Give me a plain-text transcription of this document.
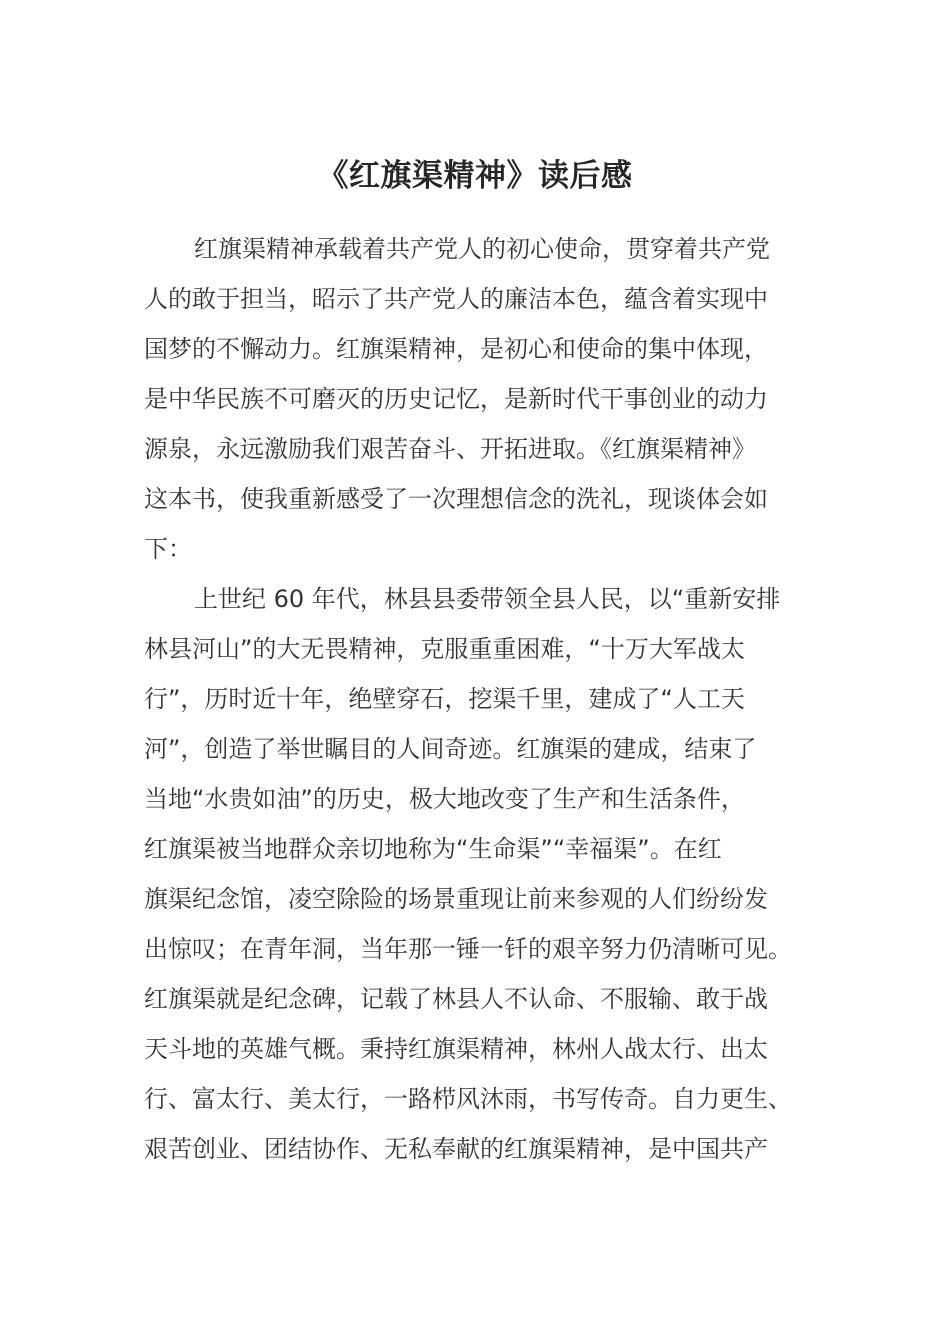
《红旗渠精神》读后感
红旗渠精神承载着共产党人的初心使命，贯穿着共产党
人的敢于担当，昭示了共产党人的廉洁本色，蕴含着实现中
国梦的不懈动力。红旗渠精神，是初心和使命的集中体现，
是中华民族不可磨灭的历史记忆，是新时代干事创业的动力
源泉，永远激励我们艰苦奋斗、开拓进取。《红旗渠精神》
这本书，使我重新感受了一次理想信念的洗礼，现谈体会如
下：
上世纪 60 年代，林县县委带领全县人民，以“重新安排
林县河山”的大无畏精神，克服重重困难，“十万大军战太
行”，历时近十年，绝壁穿石，挖渠千里，建成了“人工天
河”，创造了举世瞩目的人间奇迹。红旗渠的建成，结束了
当地“水贵如油”的历史，极大地改变了生产和生活条件，
红旗渠被当地群众亲切地称为“生命渠”“幸福渠”。在红
旗渠纪念馆，凌空除险的场景重现让前来参观的人们纷纷发
出惊叹；在青年洞，当年那一锤一钎的艰辛努力仍清晰可见。
红旗渠就是纪念碑，记载了林县人不认命、不服输、敢于战
天斗地的英雄气概。秉持红旗渠精神，林州人战太行、出太
行、富太行、美太行，一路栉风沐雨，书写传奇。自力更生、
艰苦创业、团结协作、无私奉献的红旗渠精神，是中国共产
